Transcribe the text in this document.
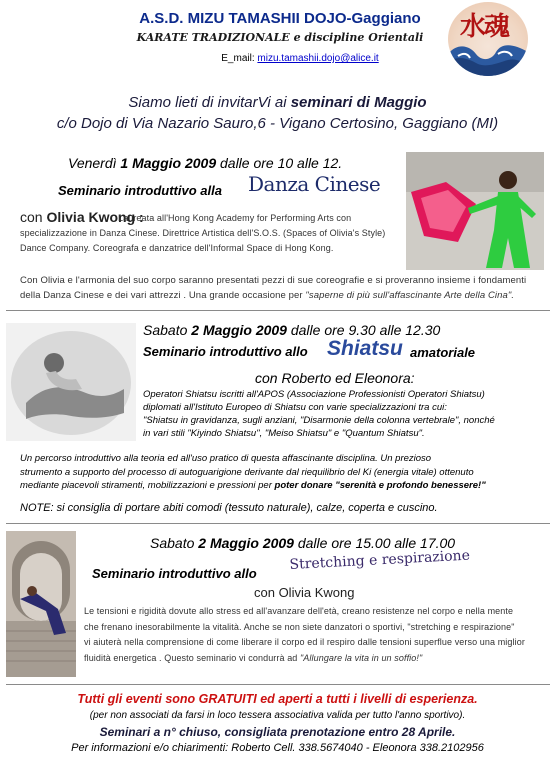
A.S.D. MIZU TAMASHII DOJO-Gaggiano
KARATE TRADIZIONALE e discipline Orientali
E_mail: mizu.tamashii.dojo@alice.it
水魂
Siamo lieti di invitarVi ai seminari di Maggio
c/o Dojo di Via Nazario Sauro,6 - Vigano Certosino, Gaggiano (MI)
Venerdì 1 Maggio 2009 dalle ore 10 alle 12.
Seminario introduttivo alla Danza Cinese
con Olivia Kwong :
Laureata all'Hong Kong Academy for Performing Arts con specializzazione in Danza Cinese. Direttrice Artistica dell'S.O.S. (Spaces of Olivia's Style) Dance Company. Coreografa e danzatrice dell'Informal Space di Hong Kong.
Con Olivia e l'armonia del suo corpo saranno presentati pezzi di sue coreografie e si proveranno insieme i fondamenti della Danza Cinese e dei vari attrezzi . Una grande occasione per "saperne di più sull'affascinante Arte della Cina".
Sabato 2 Maggio 2009 dalle ore 9.30 alle 12.30
Seminario introduttivo allo Shiatsu amatoriale
con Roberto ed Eleonora:
Operatori Shiatsu iscritti all'APOS (Associazione Professionisti Operatori Shiatsu)
diplomati all'Istituto Europeo di Shiatsu con varie specializzazioni tra cui:
"Shiatsu in gravidanza, sugli anziani, "Disarmonie della colonna vertebrale", nonché
in vari stili "Kiyindo Shiatsu", "Meiso Shiatsu" e "Quantum Shiatsu".
Un percorso introduttivo alla teoria ed all'uso pratico di questa affascinante disciplina. Un prezioso
strumento a supporto del processo di autoguarigione derivante dal riequilibrio del Ki (energia vitale) ottenuto
mediante piacevoli stiramenti, mobilizzazioni e pressioni per poter donare "serenità e profondo benessere!"
NOTE: si consiglia di portare abiti comodi (tessuto naturale), calze, coperta e cuscino.
Sabato 2 Maggio 2009 dalle ore 15.00 alle 17.00
Seminario introduttivo allo
Stretching e respirazione
con Olivia Kwong
Le tensioni e rigidità dovute allo stress ed all'avanzare dell'età, creano resistenze nel corpo e nella mente
che frenano inesorabilmente la vitalità. Anche se non siete danzatori o sportivi, "stretching e respirazione"
vi aiuterà nella comprensione di come liberare il corpo ed il respiro dalle tensioni superflue verso una miglior
fluidità energetica . Questo seminario vi condurrà ad "Allungare la vita in un soffio!"
Tutti gli eventi sono GRATUITI ed aperti a tutti i livelli di esperienza.
(per non associati da farsi in loco tessera associativa valida per tutto l'anno sportivo).
Seminari a n° chiuso, consigliata prenotazione entro 28 Aprile.
Per informazioni e/o chiarimenti: Roberto Cell. 338.5674040 - Eleonora 338.2102956
